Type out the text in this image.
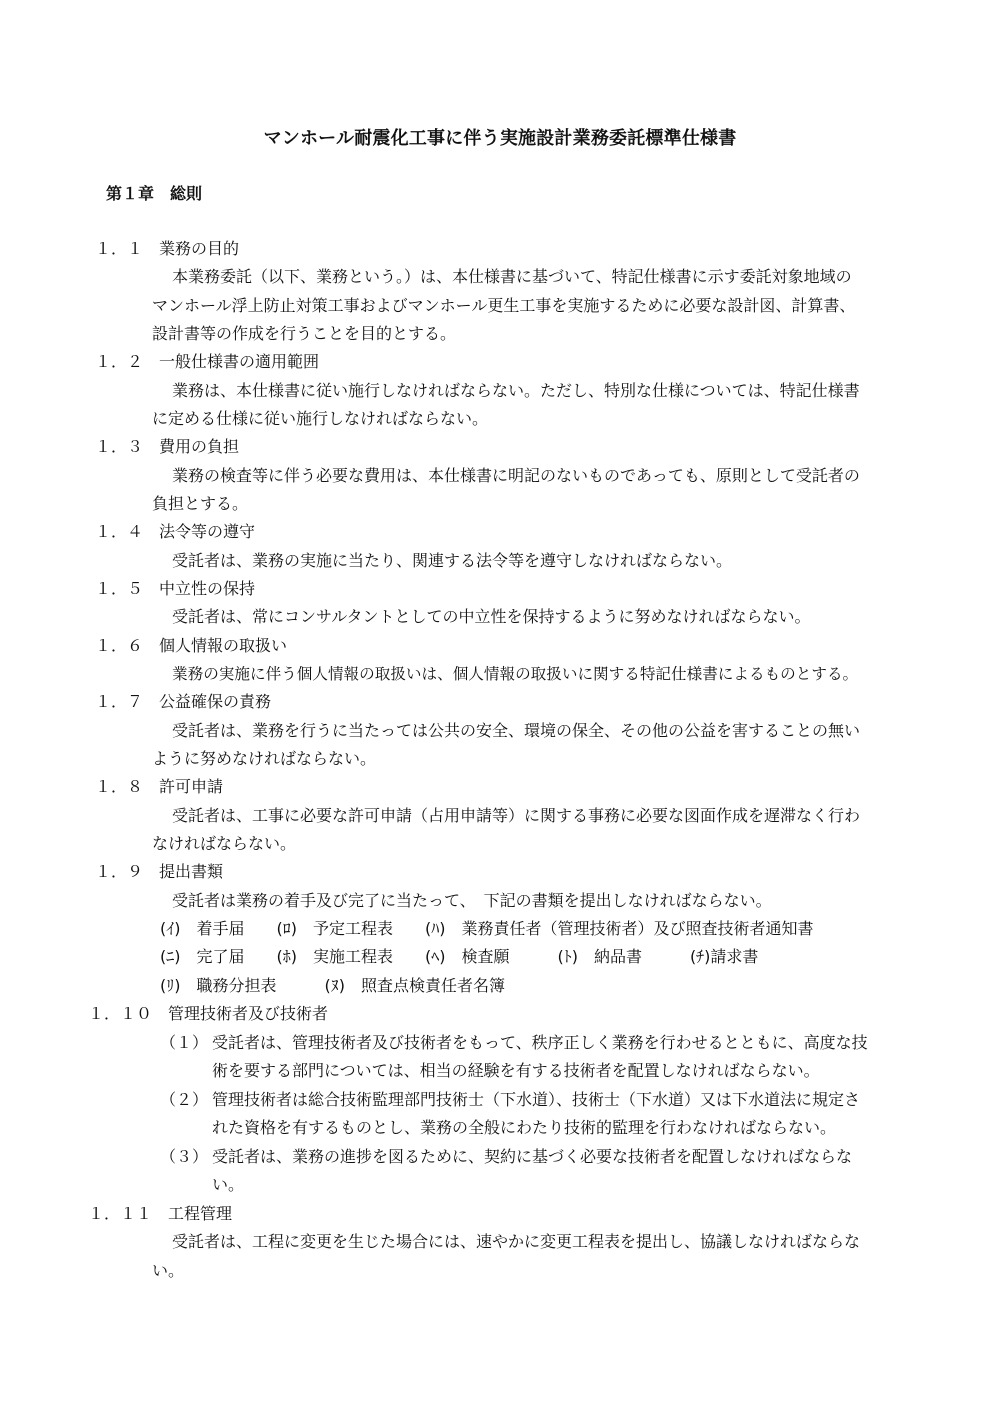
マンホール耐震化工事に伴う実施設計業務委託標準仕様書
第１章　総則
１．１　業務の目的
本業務委託（以下、業務という。）は、本仕様書に基づいて、特記仕様書に示す委託対象地域の
マンホール浮上防止対策工事およびマンホール更生工事を実施するために必要な設計図、計算書、
設計書等の作成を行うことを目的とする。
１．２　一般仕様書の適用範囲
業務は、本仕様書に従い施行しなければならない。ただし、特別な仕様については、特記仕様書
に定める仕様に従い施行しなければならない。
１．３　費用の負担
業務の検査等に伴う必要な費用は、本仕様書に明記のないものであっても、原則として受託者の
負担とする。
１．４　法令等の遵守
受託者は、業務の実施に当たり、関連する法令等を遵守しなければならない。
１．５　中立性の保持
受託者は、常にコンサルタントとしての中立性を保持するように努めなければならない。
１．６　個人情報の取扱い
業務の実施に伴う個人情報の取扱いは、個人情報の取扱いに関する特記仕様書によるものとする。
１．７　公益確保の責務
受託者は、業務を行うに当たっては公共の安全、環境の保全、その他の公益を害することの無い
ように努めなければならない。
１．８　許可申請
受託者は、工事に必要な許可申請（占用申請等）に関する事務に必要な図面作成を遅滞なく行わ
なければならない。
１．９　提出書類
受託者は業務の着手及び完了に当たって、　下記の書類を提出しなければならない。
(ｲ)　着手届　　(ﾛ)　予定工程表　　(ﾊ)　業務責任者（管理技術者）及び照査技術者通知書
(ﾆ)　完了届　　(ﾎ)　実施工程表　　(ﾍ)　検査願　　　(ﾄ)　納品書　　　(ﾁ)請求書
(ﾘ)　職務分担表　　　(ﾇ)　照査点検責任者名簿
１．１０　管理技術者及び技術者
（１） 受託者は、管理技術者及び技術者をもって、秩序正しく業務を行わせるとともに、高度な技
術を要する部門については、相当の経験を有する技術者を配置しなければならない。
（２） 管理技術者は総合技術監理部門技術士（下水道）、技術士（下水道）又は下水道法に規定さ
れた資格を有するものとし、業務の全般にわたり技術的監理を行わなければならない。
（３） 受託者は、業務の進捗を図るために、契約に基づく必要な技術者を配置しなければならな
い。
１．１１　工程管理
受託者は、工程に変更を生じた場合には、速やかに変更工程表を提出し、協議しなければならな
い。
